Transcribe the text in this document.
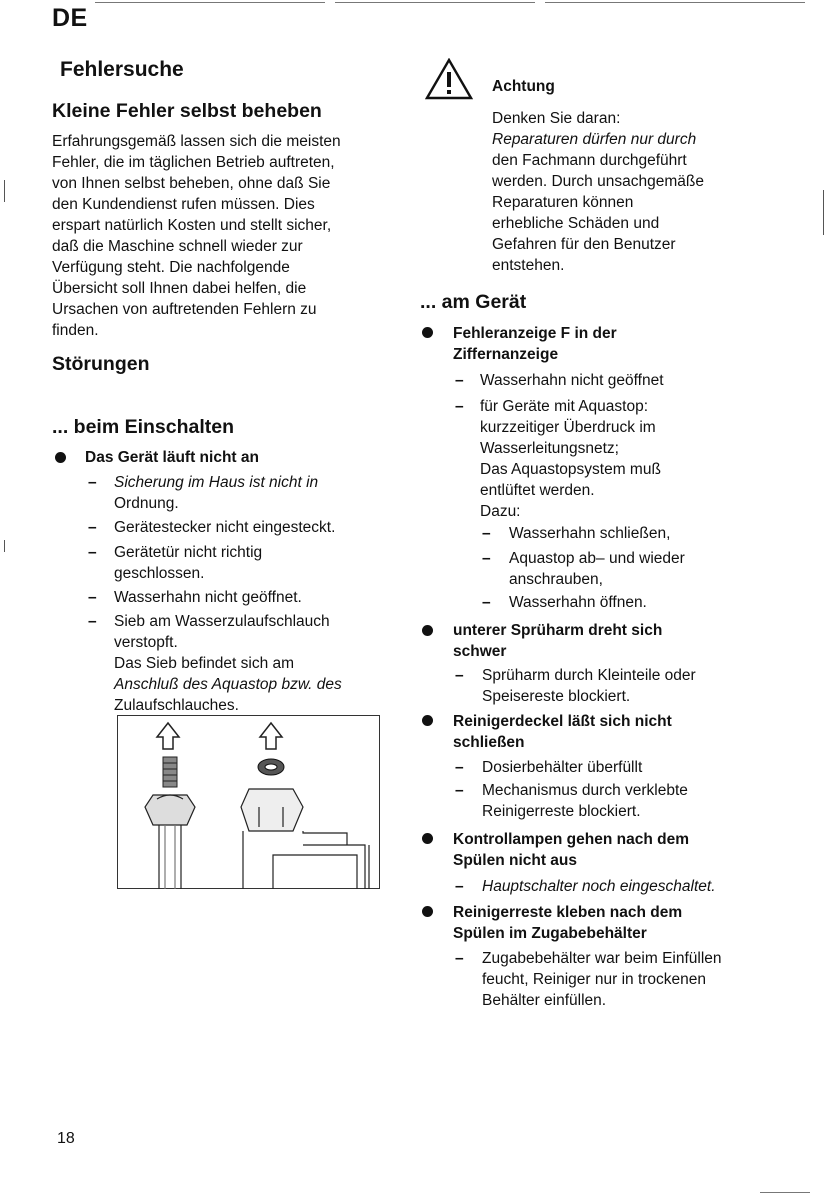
DE
Fehlersuche
Kleine Fehler selbst beheben
Erfahrungsgemäß lassen sich die meisten
Fehler, die im täglichen Betrieb auftreten,
von Ihnen selbst beheben, ohne daß Sie
den Kundendienst rufen müssen. Dies
erspart natürlich Kosten und stellt sicher,
daß die Maschine schnell wieder zur
Verfügung steht. Die nachfolgende
Übersicht soll Ihnen dabei helfen, die
Ursachen von auftretenden Fehlern zu
finden.
Störungen
... beim Einschalten
Das Gerät läuft nicht an
– Sicherung im Haus ist nicht in
Ordnung.
– Gerätestecker nicht eingesteckt.
– Gerätetür nicht richtig
geschlossen.
– Wasserhahn nicht geöffnet.
– Sieb am Wasserzulaufschlauch
verstopft.
Das Sieb befindet sich am
Anschluß des Aquastop bzw. des
Zulaufschlauches.
Achtung
Denken Sie daran:
Reparaturen dürfen nur durch
den Fachmann durchgeführt
werden. Durch unsachgemäße
Reparaturen können
erhebliche Schäden und
Gefahren für den Benutzer
entstehen.
... am Gerät
Fehleranzeige F in der
Ziffernanzeige
– Wasserhahn nicht geöffnet
– für Geräte mit Aquastop:
kurzzeitiger Überdruck im
Wasserleitungsnetz;
Das Aquastopsystem muß
entlüftet werden.
Dazu:
– Wasserhahn schließen,
– Aquastop ab– und wieder
anschrauben,
– Wasserhahn öffnen.
unterer Sprüharm dreht sich
schwer
– Sprüharm durch Kleinteile oder
Speisereste blockiert.
Reinigerdeckel läßt sich nicht
schließen
– Dosierbehälter überfüllt
– Mechanismus durch verklebte
Reinigerreste blockiert.
Kontrollampen gehen nach dem
Spülen nicht aus
– Hauptschalter noch eingeschaltet.
Reinigerreste kleben nach dem
Spülen im Zugabebehälter
– Zugabebehälter war beim Einfüllen
feucht, Reiniger nur in trockenen
Behälter einfüllen.
18
